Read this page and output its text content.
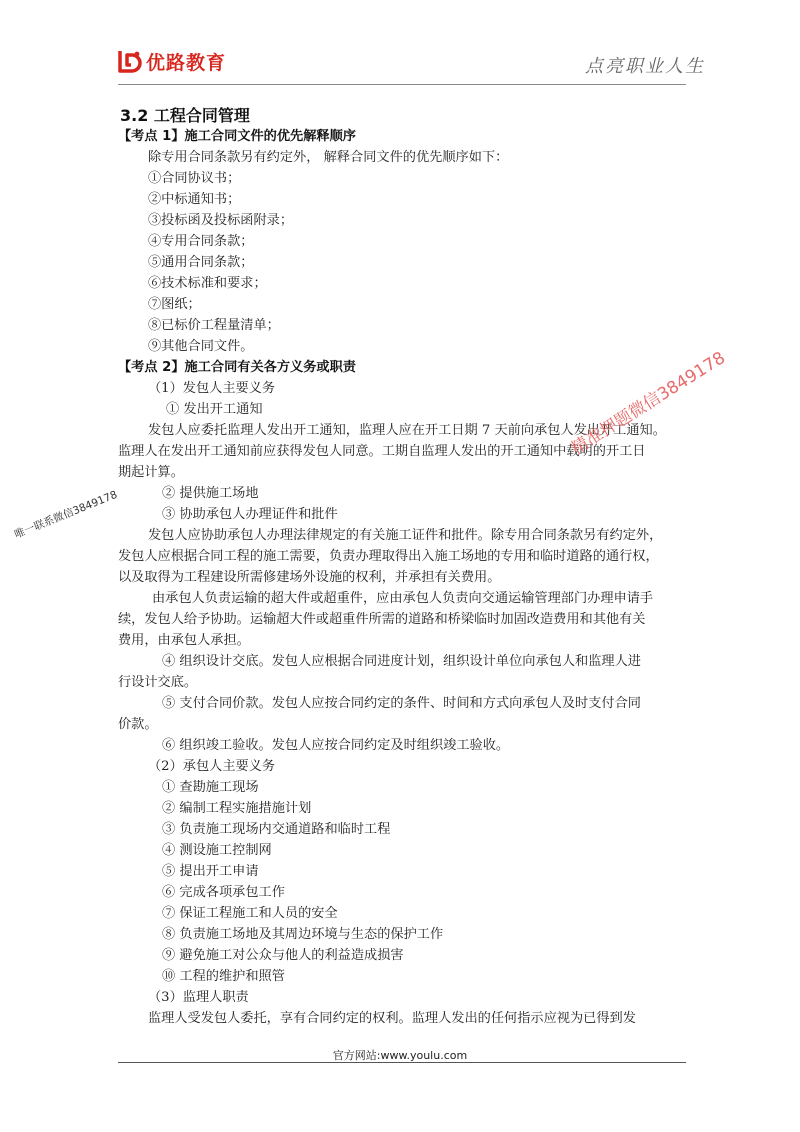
优路教育	点亮职业人生
3.2 工程合同管理
【考点 1】施工合同文件的优先解释顺序
除专用合同条款另有约定外， 解释合同文件的优先顺序如下：
①合同协议书；
②中标通知书；
③投标函及投标函附录；
④专用合同条款；
⑤通用合同条款；
⑥技术标准和要求；
⑦图纸；
⑧已标价工程量清单；
⑨其他合同文件。
【考点 2】施工合同有关各方义务或职责
（1）发包人主要义务
① 发出开工通知
发包人应委托监理人发出开工通知，监理人应在开工日期 7 天前向承包人发出开工通知。
监理人在发出开工通知前应获得发包人同意。工期自监理人发出的开工通知中载明的开工日
期起计算。
② 提供施工场地
③ 协助承包人办理证件和批件
发包人应协助承包人办理法律规定的有关施工证件和批件。除专用合同条款另有约定外，
发包人应根据合同工程的施工需要，负责办理取得出入施工场地的专用和临时道路的通行权，
以及取得为工程建设所需修建场外设施的权利，并承担有关费用。
由承包人负责运输的超大件或超重件，应由承包人负责向交通运输管理部门办理申请手
续，发包人给予协助。运输超大件或超重件所需的道路和桥梁临时加固改造费用和其他有关
费用，由承包人承担。
④ 组织设计交底。发包人应根据合同进度计划，组织设计单位向承包人和监理人进
行设计交底。
⑤ 支付合同价款。发包人应按合同约定的条件、时间和方式向承包人及时支付合同
价款。
⑥ 组织竣工验收。发包人应按合同约定及时组织竣工验收。
（2）承包人主要义务
① 查勘施工现场
② 编制工程实施措施计划
③ 负责施工现场内交通道路和临时工程
④ 测设施工控制网
⑤ 提出开工申请
⑥ 完成各项承包工作
⑦ 保证工程施工和人员的安全
⑧ 负责施工场地及其周边环境与生态的保护工作
⑨ 避免施工对公众与他人的利益造成损害
⑩ 工程的维护和照管
（3）监理人职责
监理人受发包人委托，享有合同约定的权利。监理人发出的任何指示应视为已得到发
精准押题微信3849178
唯一联系微信3849178
官方网站:www.youlu.com
